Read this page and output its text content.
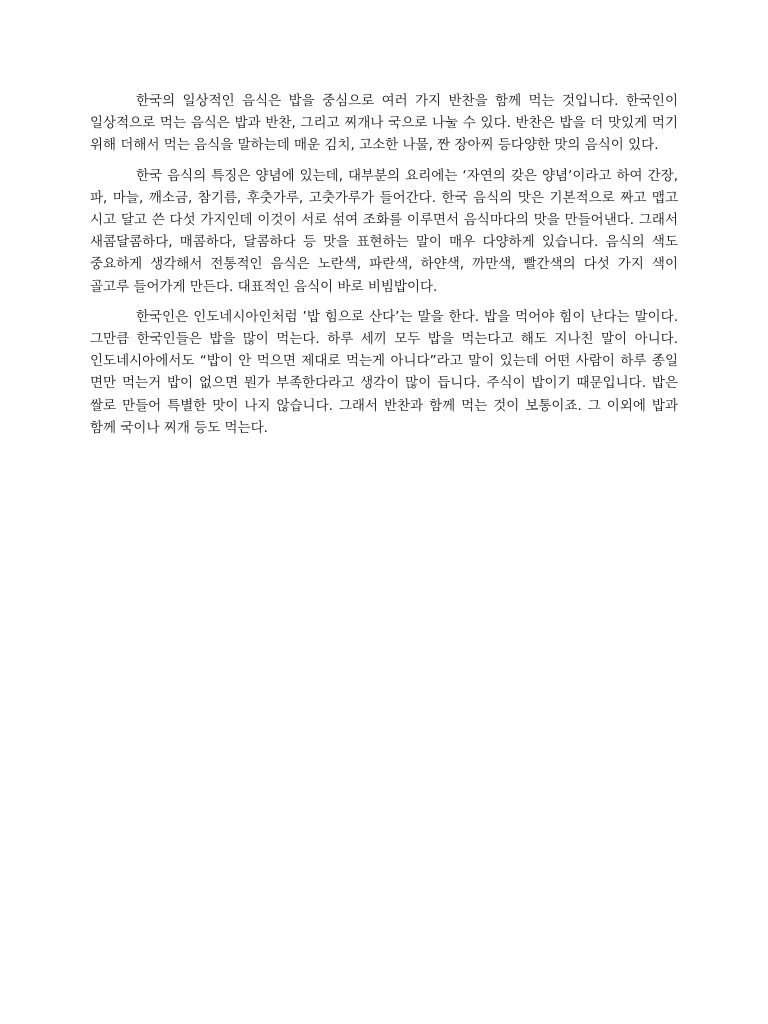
한국의 일상적인 음식은 밥을 중심으로 여러 가지 반찬을 함께 먹는 것입니다. 한국인이 일상적으로 먹는 음식은 밥과 반찬, 그리고 찌개나 국으로 나눌 수 있다. 반찬은 밥을 더 맛있게 먹기 위해 더해서 먹는 음식을 말하는데 매운 김치, 고소한 나물, 짠 장아찌 등다양한 맛의 음식이 있다.

한국 음식의 특징은 양념에 있는데, 대부분의 요리에는 ‘자연의 갖은 양념’이라고 하여 간장, 파, 마늘, 깨소금, 참기름, 후춧가루, 고춧가루가 들어간다. 한국 음식의 맛은 기본적으로 짜고 맵고 시고 달고 쓴 다섯 가지인데 이것이 서로 섞여 조화를 이루면서 음식마다의 맛을 만들어낸다. 그래서 새콤달콤하다, 매콤하다, 달콤하다 등 맛을 표현하는 말이 매우 다양하게 있습니다. 음식의 색도 중요하게 생각해서 전통적인 음식은 노란색, 파란색, 하얀색, 까만색, 빨간색의 다섯 가지 색이 골고루 들어가게 만든다. 대표적인 음식이 바로 비빔밥이다.

한국인은 인도네시아인처럼 ’밥 힘으로 산다’는 말을 한다. 밥을 먹어야 힘이 난다는 말이다. 그만큼 한국인들은 밥을 많이 먹는다. 하루 세끼 모두 밥을 먹는다고 해도 지나친 말이 아니다. 인도네시아에서도 “밥이 안 먹으면 제대로 먹는게 아니다”라고 말이 있는데 어떤 사람이 하루 종일 면만 먹는거 밥이 없으면 뭔가 부족한다라고 생각이 많이 듭니다. 주식이 밥이기 때문입니다. 밥은 쌀로 만들어 특별한 맛이 나지 않습니다. 그래서 반찬과 함께 먹는 것이 보통이죠. 그 이외에 밥과 함께 국이나 찌개 등도 먹는다.
